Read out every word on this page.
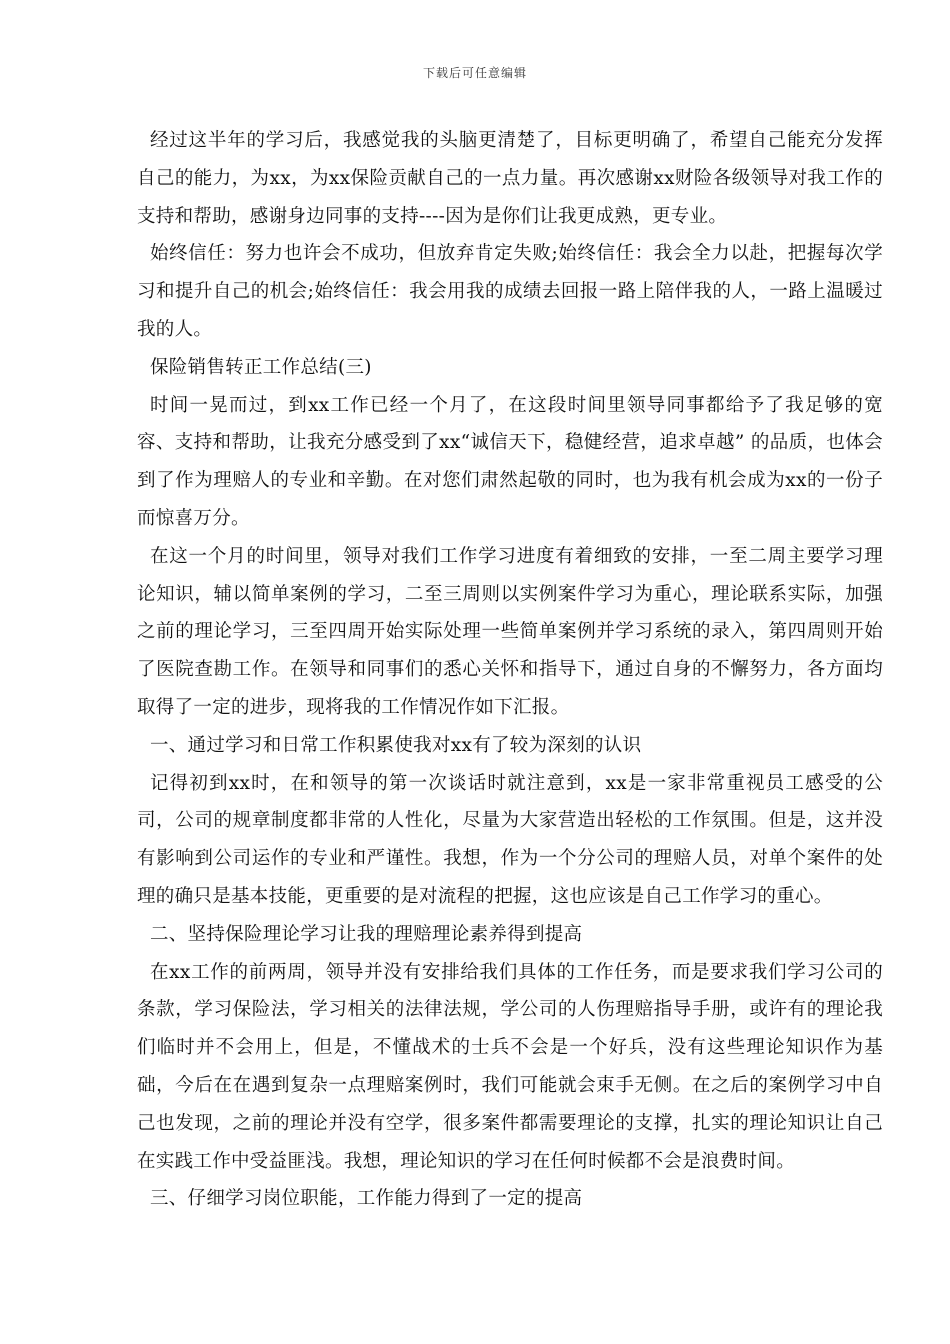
下载后可任意编辑

经过这半年的学习后，我感觉我的头脑更清楚了，目标更明确了，希望自己能充分发挥自己的能力，为xx，为xx保险贡献自己的一点力量。再次感谢xx财险各级领导对我工作的支持和帮助，感谢身边同事的支持----因为是你们让我更成熟，更专业。

始终信任：努力也许会不成功，但放弃肯定失败;始终信任：我会全力以赴，把握每次学习和提升自己的机会;始终信任：我会用我的成绩去回报一路上陪伴我的人，一路上温暖过我的人。

保险销售转正工作总结(三)

时间一晃而过，到xx工作已经一个月了，在这段时间里领导同事都给予了我足够的宽容、支持和帮助，让我充分感受到了xx“诚信天下，稳健经营，追求卓越” 的品质，也体会到了作为理赔人的专业和辛勤。在对您们肃然起敬的同时，也为我有机会成为xx的一份子而惊喜万分。

在这一个月的时间里，领导对我们工作学习进度有着细致的安排，一至二周主要学习理论知识，辅以简单案例的学习，二至三周则以实例案件学习为重心，理论联系实际，加强之前的理论学习，三至四周开始实际处理一些简单案例并学习系统的录入，第四周则开始了医院查勘工作。在领导和同事们的悉心关怀和指导下，通过自身的不懈努力，各方面均取得了一定的进步，现将我的工作情况作如下汇报。

一、通过学习和日常工作积累使我对xx有了较为深刻的认识

记得初到xx时，在和领导的第一次谈话时就注意到，xx是一家非常重视员工感受的公司，公司的规章制度都非常的人性化，尽量为大家营造出轻松的工作氛围。但是，这并没有影响到公司运作的专业和严谨性。我想，作为一个分公司的理赔人员，对单个案件的处理的确只是基本技能，更重要的是对流程的把握，这也应该是自己工作学习的重心。

二、坚持保险理论学习让我的理赔理论素养得到提高

在xx工作的前两周，领导并没有安排给我们具体的工作任务，而是要求我们学习公司的条款，学习保险法，学习相关的法律法规，学公司的人伤理赔指导手册，或许有的理论我们临时并不会用上，但是，不懂战术的士兵不会是一个好兵，没有这些理论知识作为基础，今后在在遇到复杂一点理赔案例时，我们可能就会束手无侧。在之后的案例学习中自己也发现，之前的理论并没有空学，很多案件都需要理论的支撑，扎实的理论知识让自己在实践工作中受益匪浅。我想，理论知识的学习在任何时候都不会是浪费时间。

三、仔细学习岗位职能，工作能力得到了一定的提高
